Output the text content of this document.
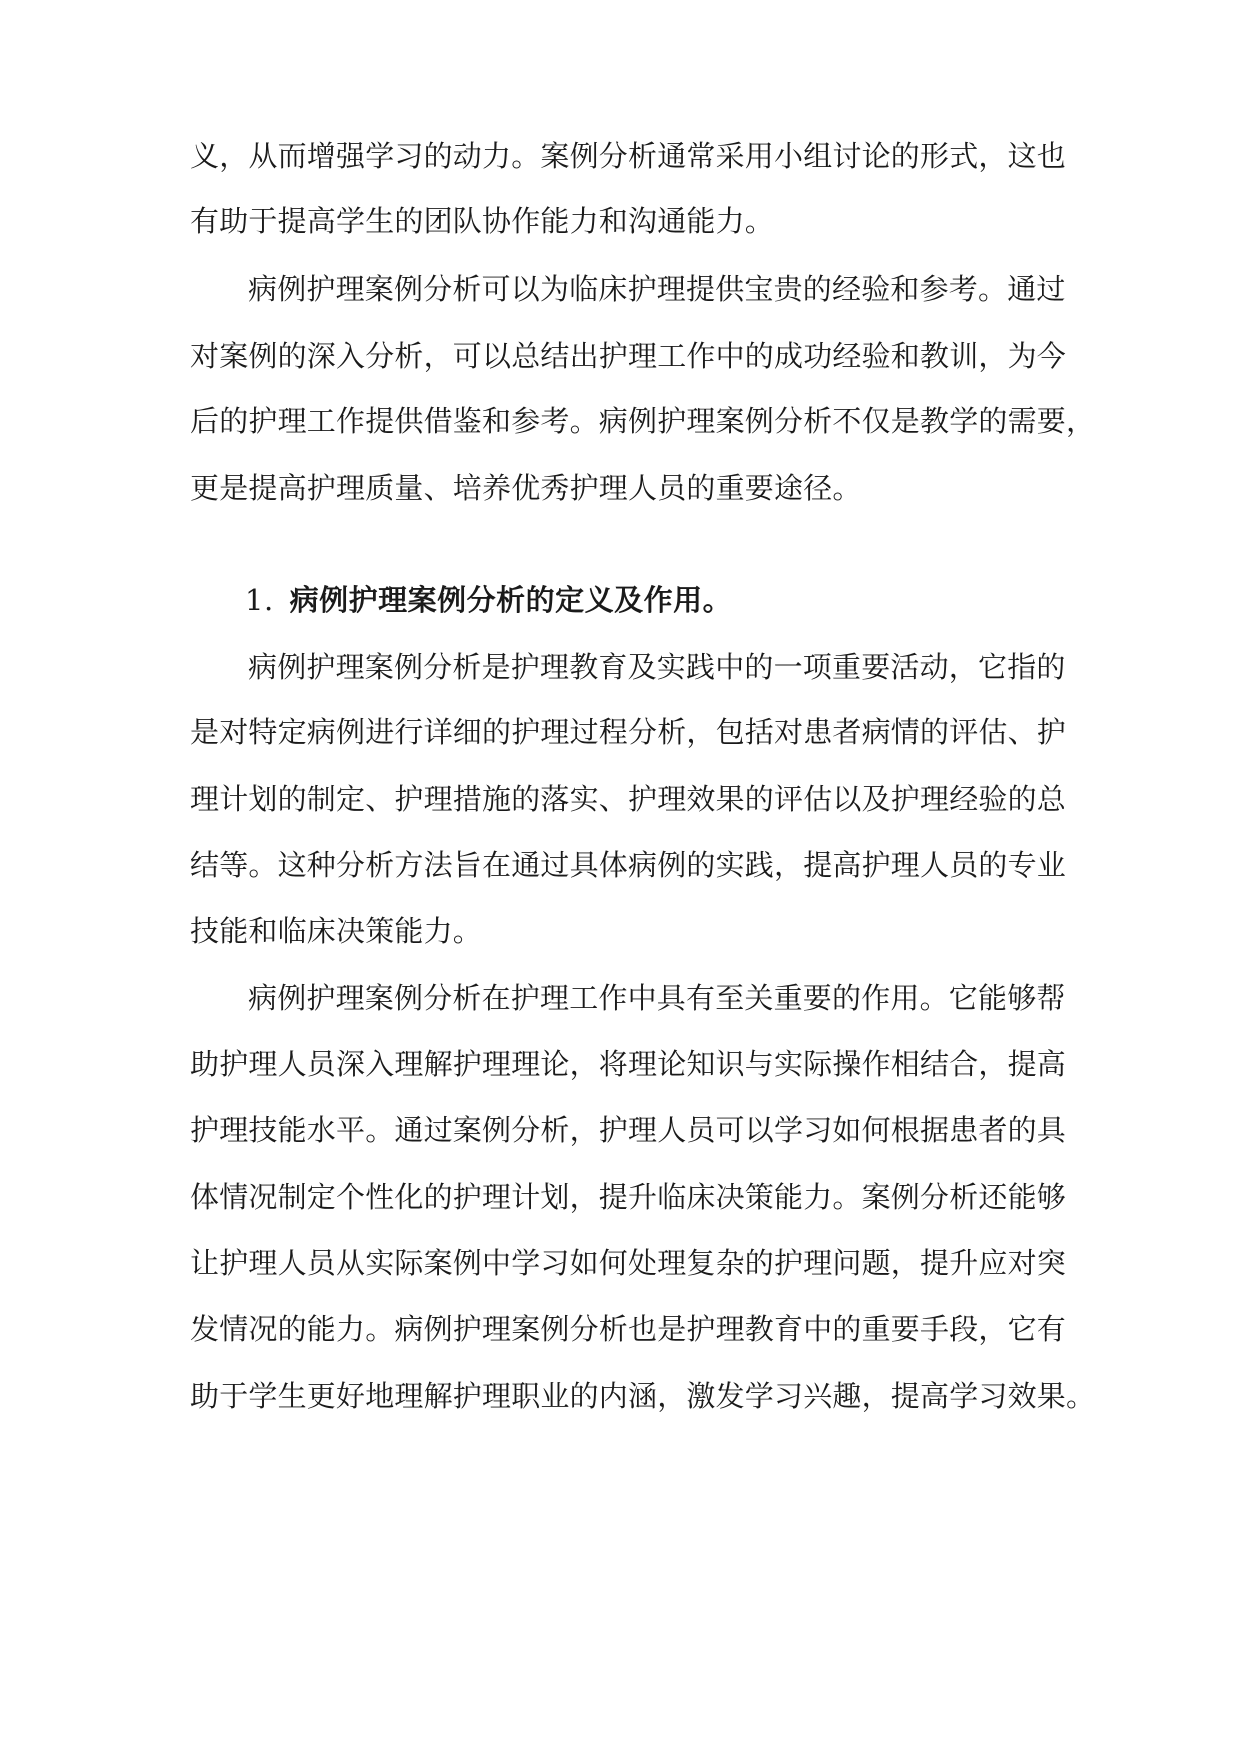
义，从而增强学习的动力。案例分析通常采用小组讨论的形式，这也
有助于提高学生的团队协作能力和沟通能力。
病例护理案例分析可以为临床护理提供宝贵的经验和参考。通过
对案例的深入分析，可以总结出护理工作中的成功经验和教训，为今
后的护理工作提供借鉴和参考。病例护理案例分析不仅是教学的需要，
更是提高护理质量、培养优秀护理人员的重要途径。
1. 病例护理案例分析的定义及作用。
病例护理案例分析是护理教育及实践中的一项重要活动，它指的
是对特定病例进行详细的护理过程分析，包括对患者病情的评估、护
理计划的制定、护理措施的落实、护理效果的评估以及护理经验的总
结等。这种分析方法旨在通过具体病例的实践，提高护理人员的专业
技能和临床决策能力。
病例护理案例分析在护理工作中具有至关重要的作用。它能够帮
助护理人员深入理解护理理论，将理论知识与实际操作相结合，提高
护理技能水平。通过案例分析，护理人员可以学习如何根据患者的具
体情况制定个性化的护理计划，提升临床决策能力。案例分析还能够
让护理人员从实际案例中学习如何处理复杂的护理问题，提升应对突
发情况的能力。病例护理案例分析也是护理教育中的重要手段，它有
助于学生更好地理解护理职业的内涵，激发学习兴趣，提高学习效果。
